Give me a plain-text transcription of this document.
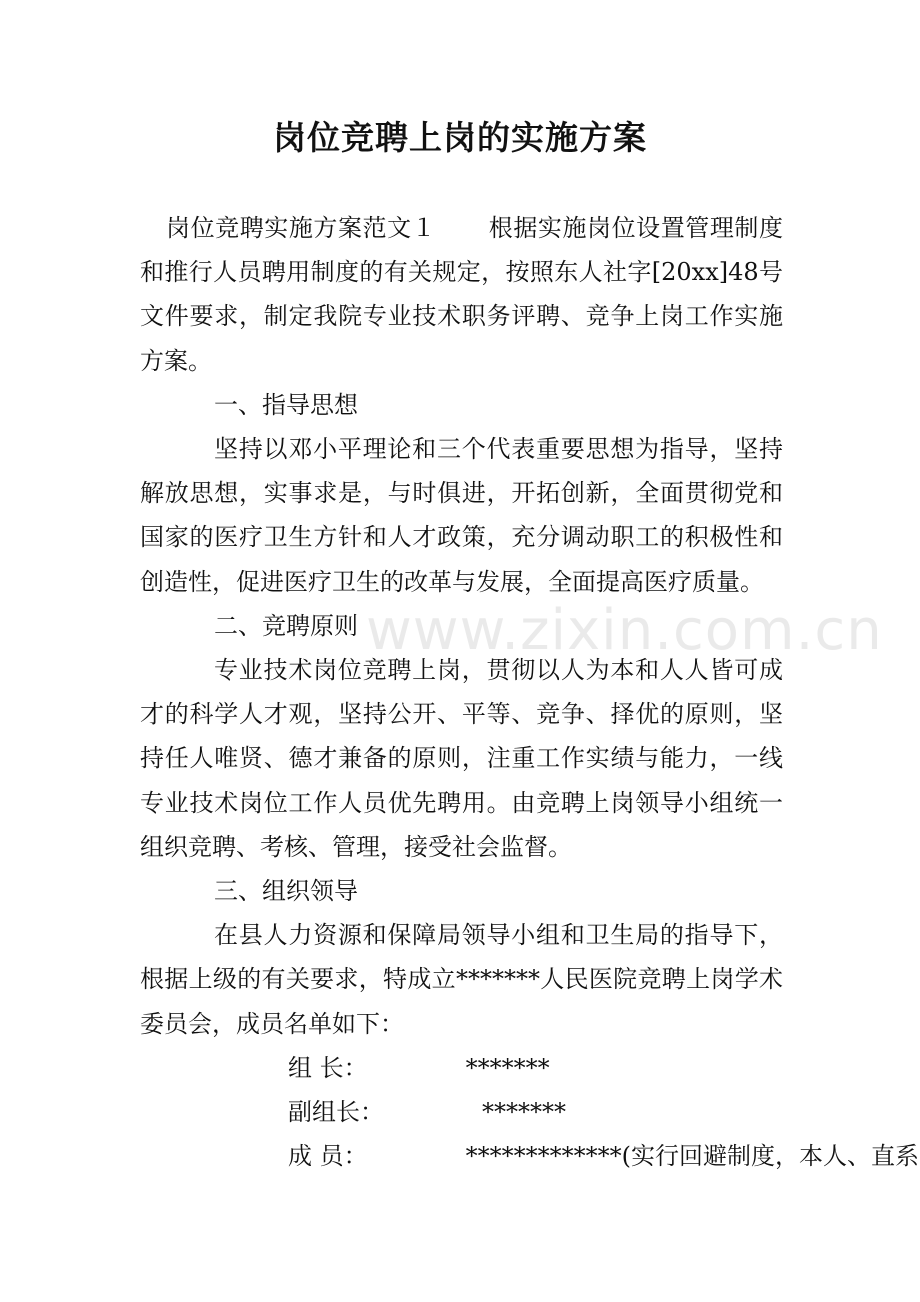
岗位竞聘上岗的实施方案

岗位竞聘实施方案范文１ 根据实施岗位设置管理制度和推行人员聘用制度的有关规定，按照东人社字[20xx]48号文件要求，制定我院专业技术职务评聘、竞争上岗工作实施方案。

一、指导思想

坚持以邓小平理论和三个代表重要思想为指导，坚持解放思想，实事求是，与时俱进，开拓创新，全面贯彻党和国家的医疗卫生方针和人才政策，充分调动职工的积极性和创造性，促进医疗卫生的改革与发展，全面提高医疗质量。

二、竞聘原则

专业技术岗位竞聘上岗，贯彻以人为本和人人皆可成才的科学人才观，坚持公开、平等、竞争、择优的原则，坚持任人唯贤、德才兼备的原则，注重工作实绩与能力，一线专业技术岗位工作人员优先聘用。由竞聘上岗领导小组统一组织竞聘、考核、管理，接受社会监督。

三、组织领导

在县人力资源和保障局领导小组和卫生局的指导下，根据上级的有关要求，特成立*******人民医院竞聘上岗学术委员会，成员名单如下：

组 长：	*******

副组长：	*******

成 员：	*************(实行回避制度，本人、直系

www.zixin.com.cn
